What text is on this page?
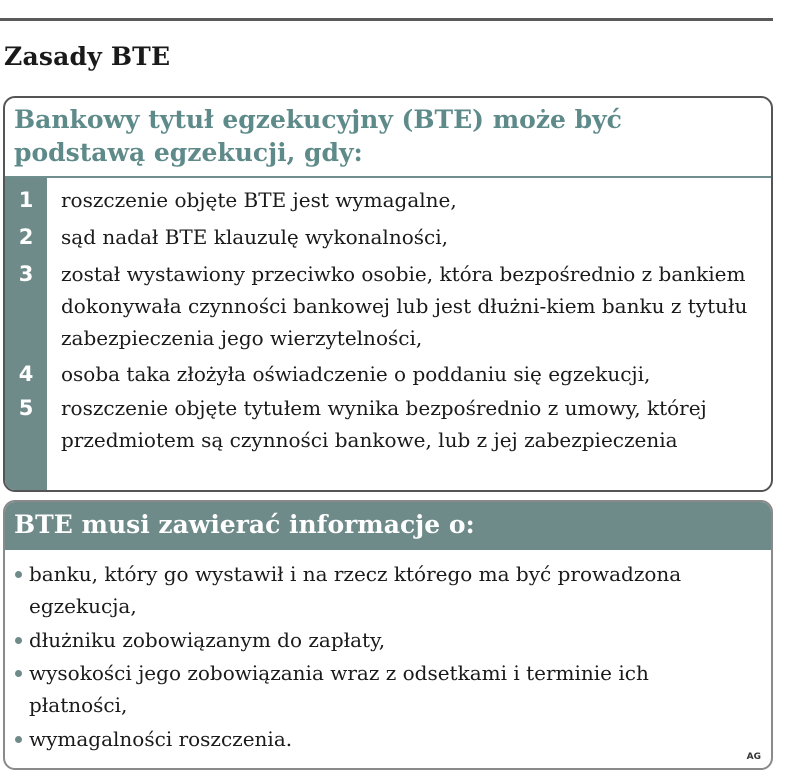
Zasady BTE
Bankowy tytuł egzekucyjny (BTE) może być podstawą egzekucji, gdy:
1	roszczenie objęte BTE jest wymagalne,
2	sąd nadał BTE klauzulę wykonalności,
3	został wystawiony przeciwko osobie, która bezpośrednio z bankiem dokonywała czynności bankowej lub jest dłużni-kiem banku z tytułu zabezpieczenia jego wierzytelności,
4	osoba taka złożyła oświadczenie o poddaniu się egzekucji,
5	roszczenie objęte tytułem wynika bezpośrednio z umowy, której przedmiotem są czynności bankowe, lub z jej zabezpieczenia
BTE musi zawierać informacje o:
banku, który go wystawił i na rzecz którego ma być prowadzona egzekucja,
dłużniku zobowiązanym do zapłaty,
wysokości jego zobowiązania wraz z odsetkami i terminie ich płatności,
wymagalności roszczenia.
AG
